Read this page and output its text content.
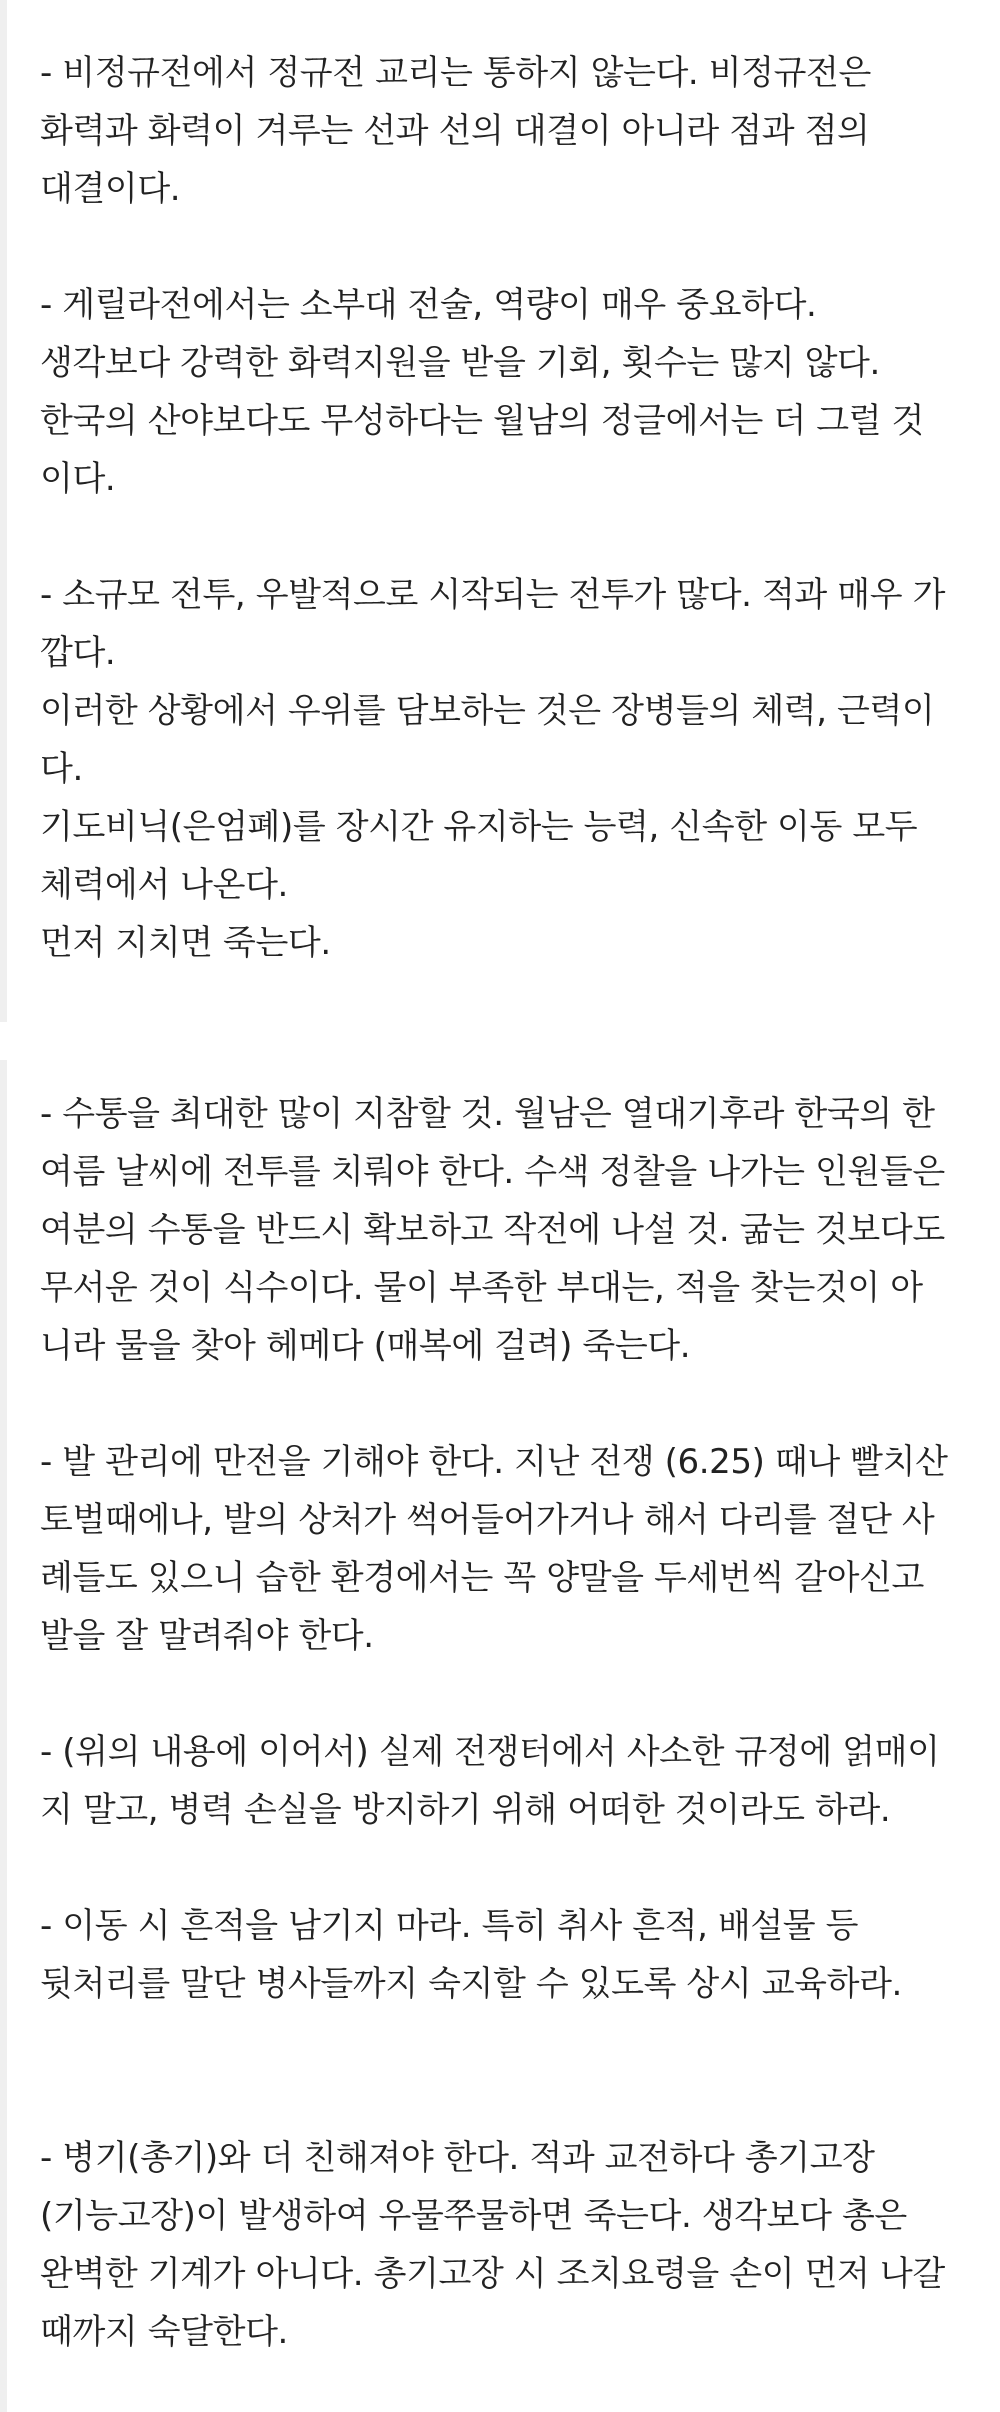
- 비정규전에서 정규전 교리는 통하지 않는다. 비정규전은
화력과 화력이 겨루는 선과 선의 대결이 아니라 점과 점의
대결이다.

- 게릴라전에서는 소부대 전술, 역량이 매우 중요하다.
생각보다 강력한 화력지원을 받을 기회, 횟수는 많지 않다.
한국의 산야보다도 무성하다는 월남의 정글에서는 더 그럴 것
이다.

- 소규모 전투, 우발적으로 시작되는 전투가 많다. 적과 매우 가
깝다.
이러한 상황에서 우위를 담보하는 것은 장병들의 체력, 근력이
다.
기도비닉(은엄폐)를 장시간 유지하는 능력, 신속한 이동 모두
체력에서 나온다.
먼저 지치면 죽는다.

- 수통을 최대한 많이 지참할 것. 월남은 열대기후라 한국의 한
여름 날씨에 전투를 치뤄야 한다. 수색 정찰을 나가는 인원들은
여분의 수통을 반드시 확보하고 작전에 나설 것. 굶는 것보다도
무서운 것이 식수이다. 물이 부족한 부대는, 적을 찾는것이 아
니라 물을 찾아 헤메다 (매복에 걸려) 죽는다.

- 발 관리에 만전을 기해야 한다. 지난 전쟁 (6.25) 때나 빨치산
토벌때에나, 발의 상처가 썩어들어가거나 해서 다리를 절단 사
례들도 있으니 습한 환경에서는 꼭 양말을 두세번씩 갈아신고
발을 잘 말려줘야 한다.

- (위의 내용에 이어서) 실제 전쟁터에서 사소한 규정에 얽매이
지 말고, 병력 손실을 방지하기 위해 어떠한 것이라도 하라.

- 이동 시 흔적을 남기지 마라. 특히 취사 흔적, 배설물 등
뒷처리를 말단 병사들까지 숙지할 수 있도록 상시 교육하라.

- 병기(총기)와 더 친해져야 한다. 적과 교전하다 총기고장
(기능고장)이 발생하여 우물쭈물하면 죽는다. 생각보다 총은
완벽한 기계가 아니다. 총기고장 시 조치요령을 손이 먼저 나갈
때까지 숙달한다.
